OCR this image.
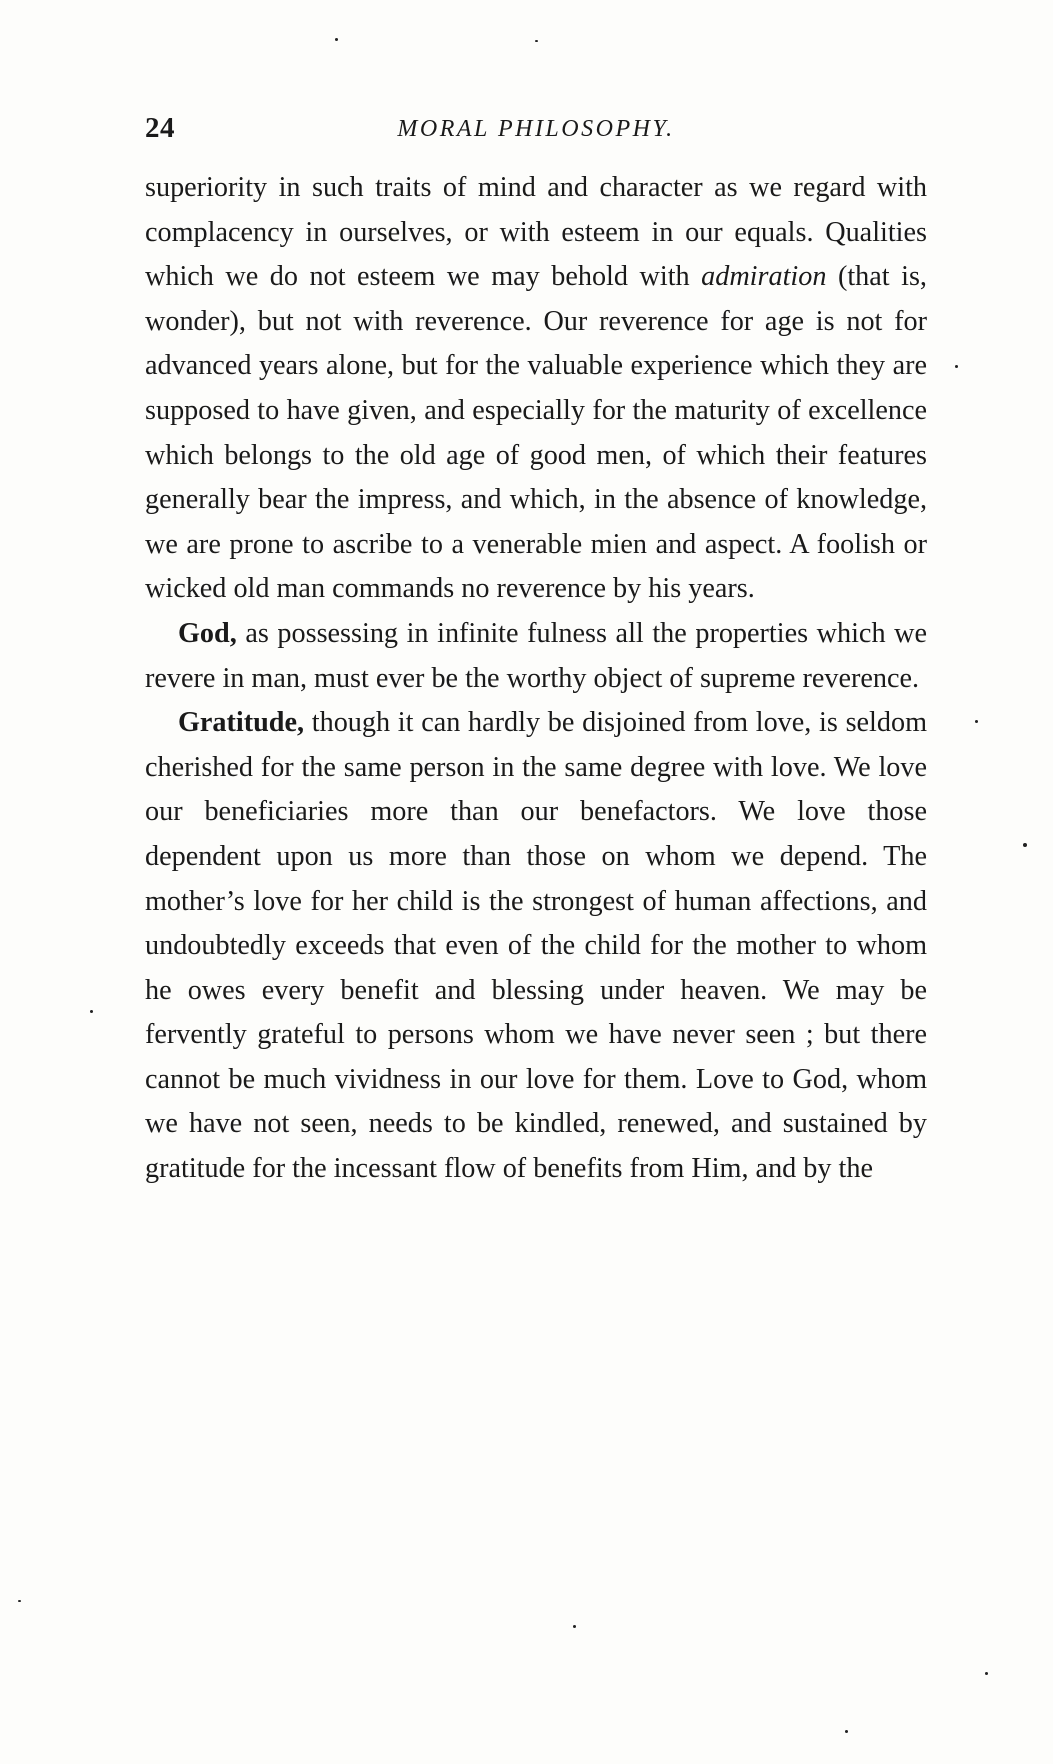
24	MORAL PHILOSOPHY.

superiority in such traits of mind and character as we regard with complacency in ourselves, or with esteem in our equals. Qualities which we do not esteem we may behold with admiration (that is, wonder), but not with reverence. Our reverence for age is not for advanced years alone, but for the valuable experience which they are supposed to have given, and especially for the maturity of excellence which belongs to the old age of good men, of which their features generally bear the impress, and which, in the absence of knowledge, we are prone to ascribe to a venerable mien and aspect. A foolish or wicked old man commands no reverence by his years.

God, as possessing in infinite fulness all the properties which we revere in man, must ever be the worthy object of supreme reverence.

Gratitude, though it can hardly be disjoined from love, is seldom cherished for the same person in the same degree with love. We love our beneficiaries more than our benefactors. We love those dependent upon us more than those on whom we depend. The mother’s love for her child is the strongest of human affections, and undoubtedly exceeds that even of the child for the mother to whom he owes every benefit and blessing under heaven. We may be fervently grateful to persons whom we have never seen ; but there cannot be much vividness in our love for them. Love to God, whom we have not seen, needs to be kindled, renewed, and sustained by gratitude for the incessant flow of benefits from Him, and by the
